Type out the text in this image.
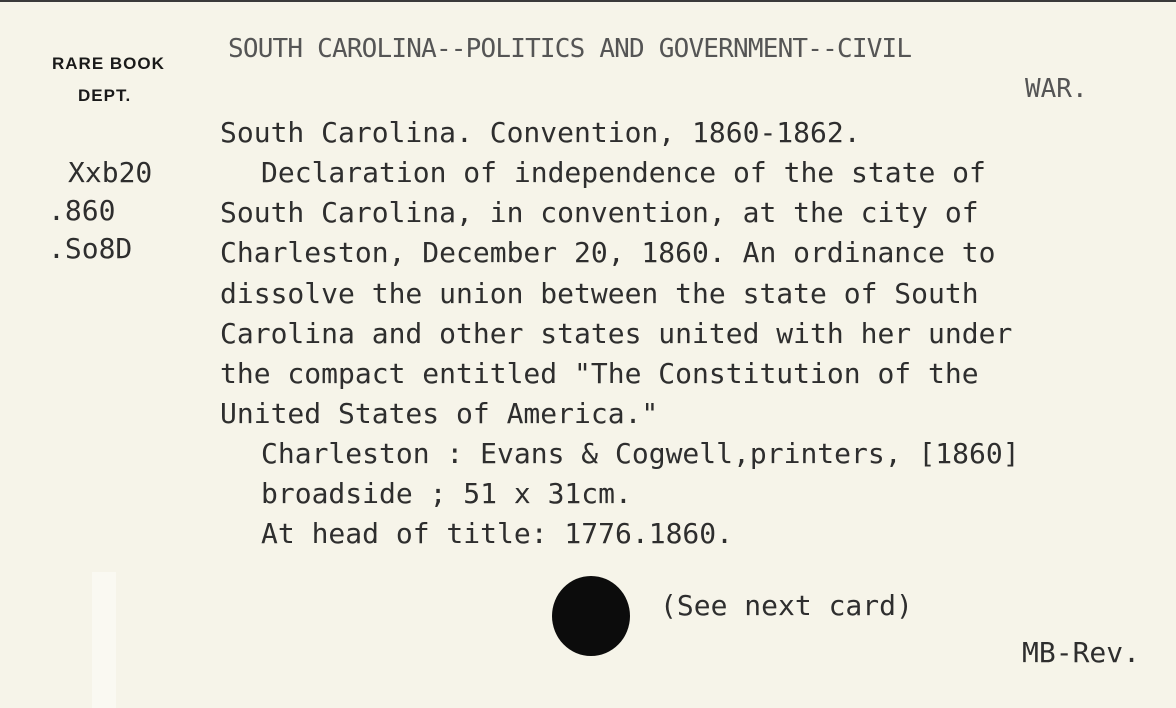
RARE BOOK
DEPT.
Xxb20
.860
.So8D
SOUTH CAROLINA--POLITICS AND GOVERNMENT--CIVIL
WAR.
South Carolina. Convention, 1860-1862.
Declaration of independence of the state of
South Carolina, in convention, at the city of
Charleston, December 20, 1860. An ordinance to
dissolve the union between the state of South
Carolina and other states united with her under
the compact entitled "The Constitution of the
United States of America."
Charleston : Evans & Cogwell,printers, [1860]
broadside ; 51 x 31cm.
At head of title: 1776.1860.
(See next card)
MB-Rev.
